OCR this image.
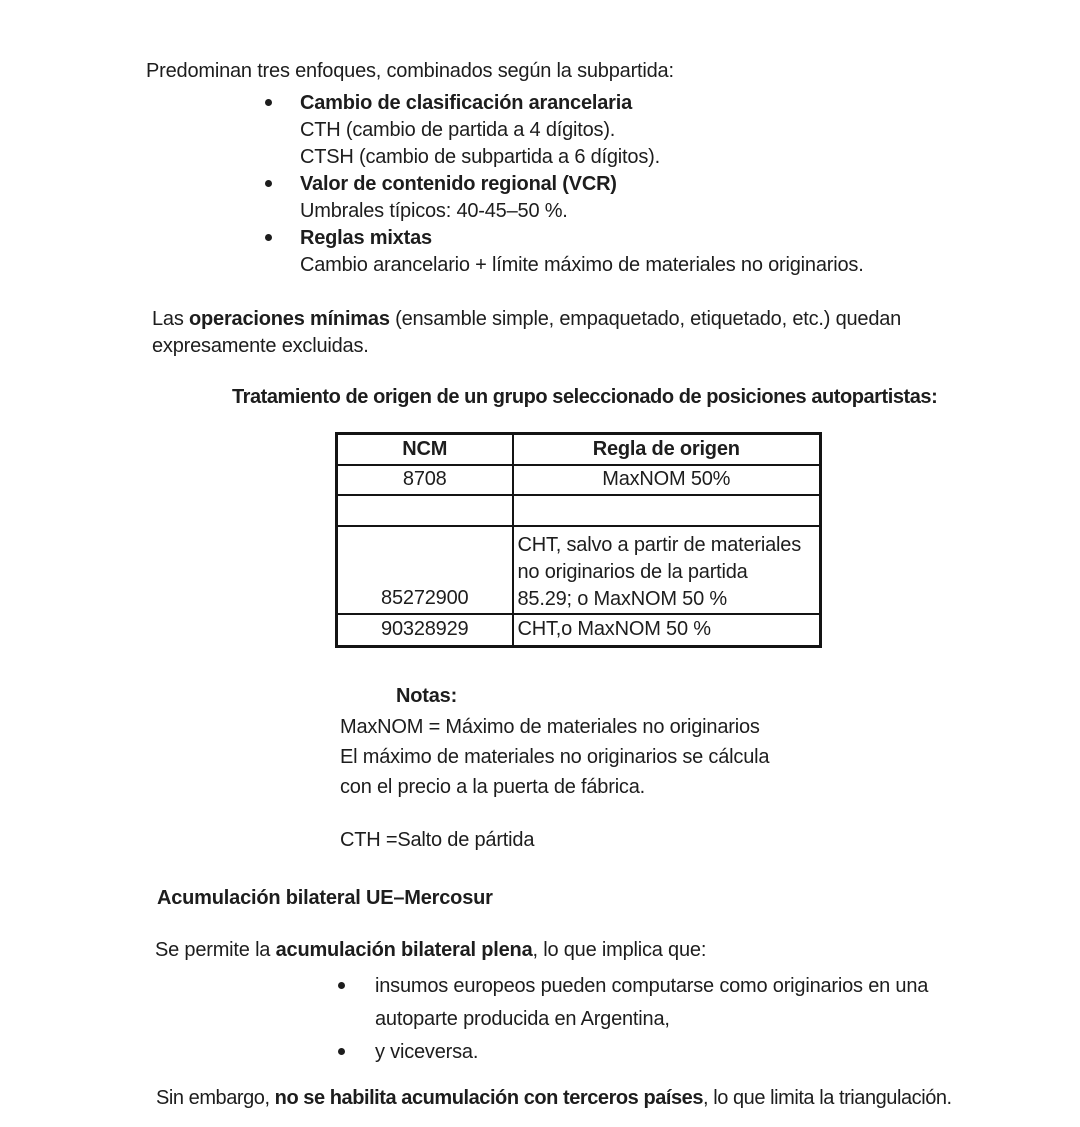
Predominan tres enfoques, combinados según la subpartida:
Cambio de clasificación arancelaria
CTH (cambio de partida a 4 dígitos).
CTSH (cambio de subpartida a 6 dígitos).
Valor de contenido regional (VCR)
Umbrales típicos: 40-45–50 %.
Reglas mixtas
Cambio arancelario + límite máximo de materiales no originarios.
Las operaciones mínimas (ensamble simple, empaquetado, etiquetado, etc.) quedan
expresamente excluidas.
Tratamiento de origen de un grupo seleccionado de posiciones autopartistas:
NCM	Regla de origen
8708	MaxNOM 50%

85272900	CHT, salvo a partir de materiales
no originarios de la partida
85.29; o MaxNOM 50 %

90328929	CHT,o MaxNOM 50 %
Notas:
MaxNOM = Máximo de materiales no originarios
El máximo de materiales no originarios se cálcula
con el precio a la puerta de fábrica.
CTH =Salto de pártida
Acumulación bilateral UE–Mercosur
Se permite la acumulación bilateral plena, lo que implica que:
insumos europeos pueden computarse como originarios en una
autoparte producida en Argentina,
y viceversa.
Sin embargo, no se habilita acumulación con terceros países, lo que limita la triangulación.
